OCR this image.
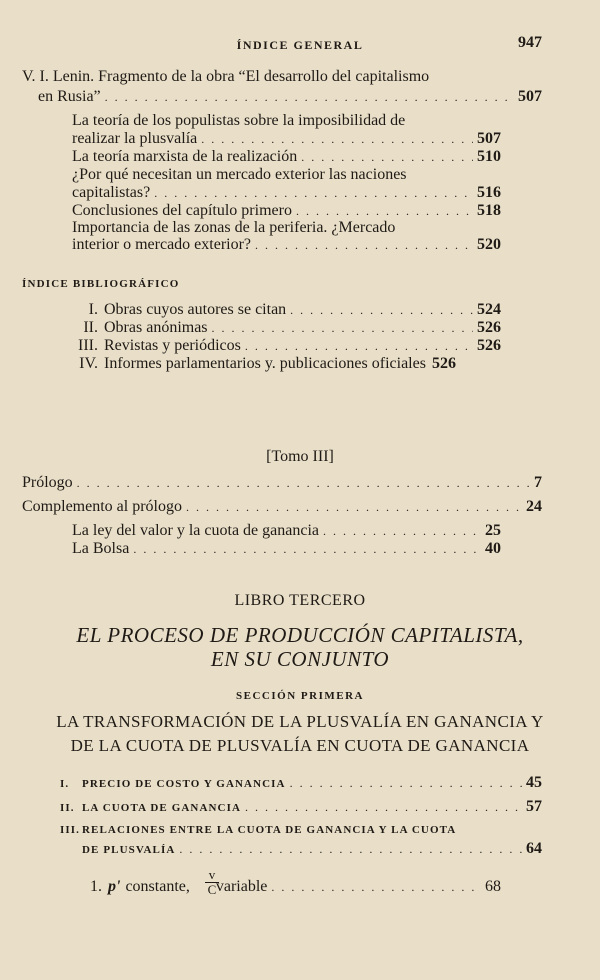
ÍNDICE GENERAL	947
V. I. Lenin. Fragmento de la obra “El desarrollo del capitalismo
en Rusia” . . .	507
La teoría de los populistas sobre la imposibilidad de
realizar la plusvalía . . .	507
La teoría marxista de la realización . . .	510
¿Por qué necesitan un mercado exterior las naciones
capitalistas? . . .	516
Conclusiones del capítulo primero . . .	518
Importancia de las zonas de la periferia. ¿Mercado
interior o mercado exterior? . . .	520
ÍNDICE BIBLIOGRÁFICO
I. Obras cuyos autores se citan . . .	524
II. Obras anónimas . . .	526
III. Revistas y periódicos . . .	526
IV. Informes parlamentarios y. publicaciones oficiales 526
[Tomo III]
Prólogo . . .	7
Complemento al prólogo . . .	24
La ley del valor y la cuota de ganancia . . .	25
La Bolsa . . .	40
LIBRO TERCERO
EL PROCESO DE PRODUCCIÓN CAPITALISTA,
EN SU CONJUNTO
SECCIÓN PRIMERA
LA TRANSFORMACIÓN DE LA PLUSVALÍA EN GANANCIA Y
DE LA CUOTA DE PLUSVALÍA EN CUOTA DE GANANCIA
I.	PRECIO DE COSTO Y GANANCIA . . .	45
II. LA CUOTA DE GANANCIA . . .	57
III. RELACIONES ENTRE LA CUOTA DE GANANCIA Y LA CUOTA
DE PLUSVALÍA . . .	64
1. p' constante, variable . . .	68
v
C
